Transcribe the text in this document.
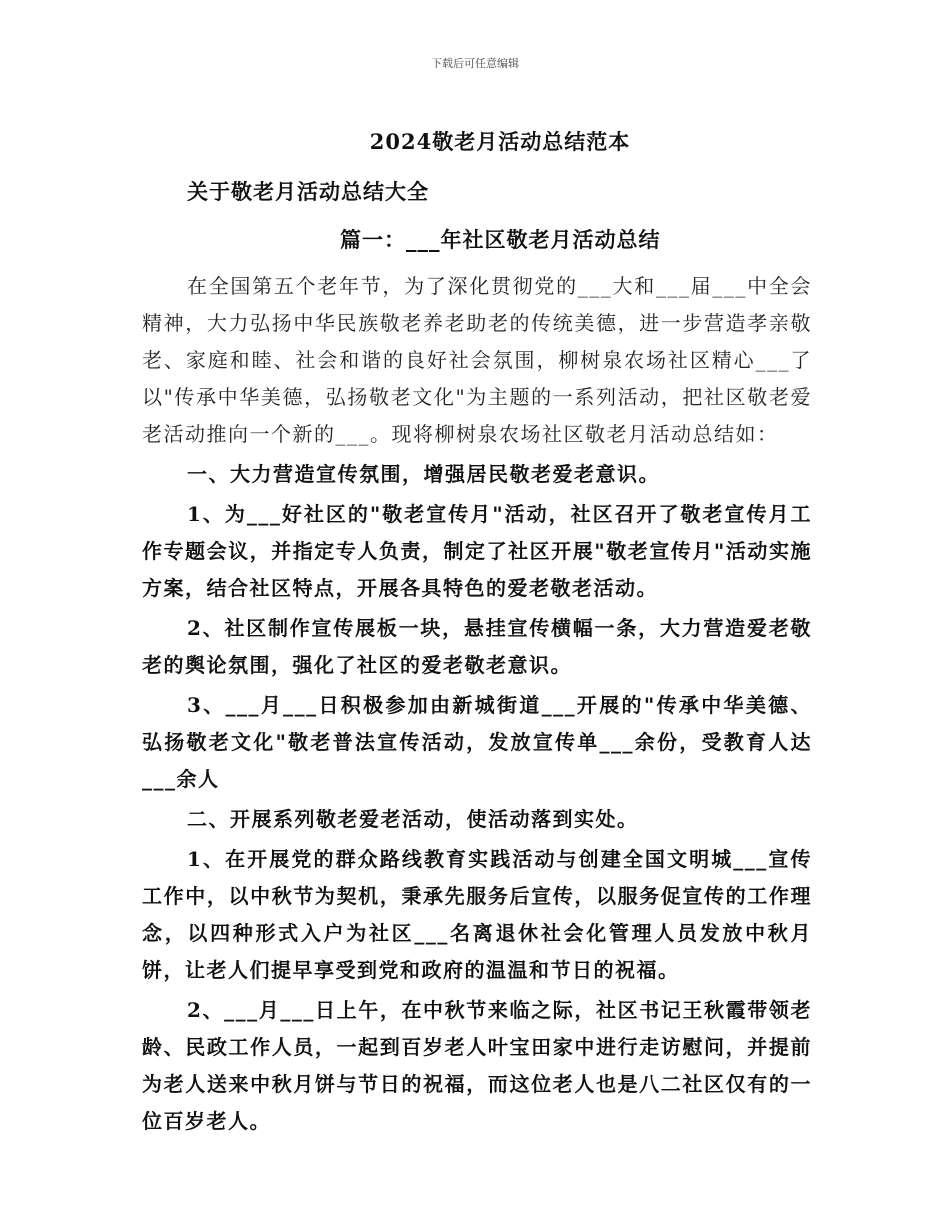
下载后可任意编辑
2024敬老月活动总结范本
关于敬老月活动总结大全
篇一：___年社区敬老月活动总结

在全国第五个老年节，为了深化贯彻党的___大和___届___中全会精神，大力弘扬中华民族敬老养老助老的传统美德，进一步营造孝亲敬老、家庭和睦、社会和谐的良好社会氛围，柳树泉农场社区精心___了以"传承中华美德，弘扬敬老文化"为主题的一系列活动，把社区敬老爱老活动推向一个新的___。现将柳树泉农场社区敬老月活动总结如：

一、大力营造宣传氛围，增强居民敬老爱老意识。

1、为___好社区的"敬老宣传月"活动，社区召开了敬老宣传月工作专题会议，并指定专人负责，制定了社区开展"敬老宣传月"活动实施方案，结合社区特点，开展各具特色的爱老敬老活动。

2、社区制作宣传展板一块，悬挂宣传横幅一条，大力营造爱老敬老的舆论氛围，强化了社区的爱老敬老意识。

3、___月___日积极参加由新城街道___开展的"传承中华美德、弘扬敬老文化"敬老普法宣传活动，发放宣传单___余份，受教育人达___余人

二、开展系列敬老爱老活动，使活动落到实处。

1、在开展党的群众路线教育实践活动与创建全国文明城___宣传工作中，以中秋节为契机，秉承先服务后宣传，以服务促宣传的工作理念，以四种形式入户为社区___名离退休社会化管理人员发放中秋月饼，让老人们提早享受到党和政府的温温和节日的祝福。

2、___月___日上午，在中秋节来临之际，社区书记王秋霞带领老龄、民政工作人员，一起到百岁老人叶宝田家中进行走访慰问，并提前为老人送来中秋月饼与节日的祝福，而这位老人也是八二社区仅有的一位百岁老人。
